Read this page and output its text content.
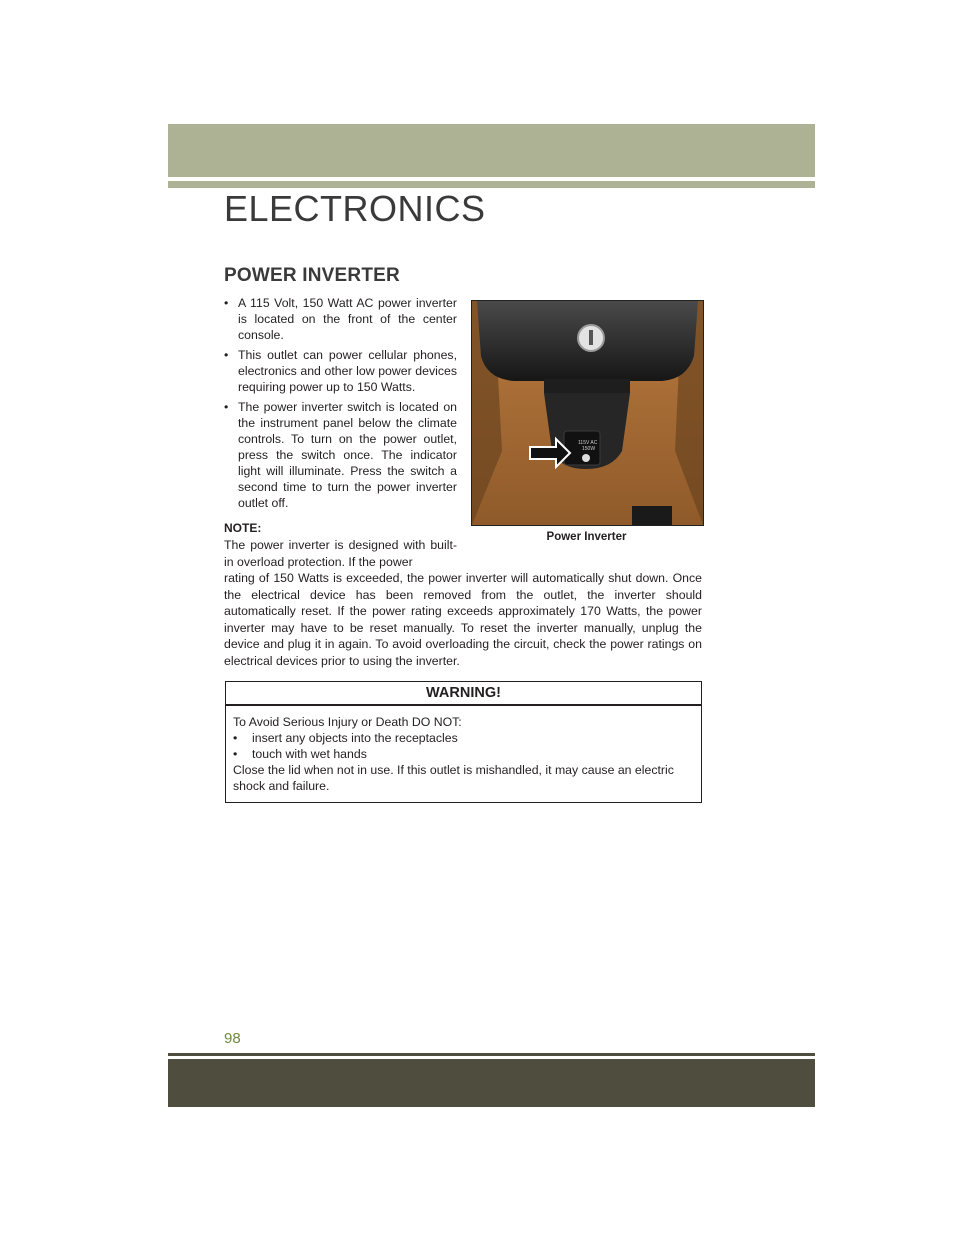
ELECTRONICS
POWER INVERTER
• A 115 Volt, 150 Watt AC power inverter is located on the front of the center console.
• This outlet can power cellular phones, electronics and other low power devices requiring power up to 150 Watts.
• The power inverter switch is located on the instrument panel below the climate controls. To turn on the power outlet, press the switch once. The indicator light will illuminate. Press the switch a second time to turn the power inverter outlet off.
NOTE:
The power inverter is designed with built-in overload protection. If the power
rating of 150 Watts is exceeded, the power inverter will automatically shut down. Once the electrical device has been removed from the outlet, the inverter should automatically reset. If the power rating exceeds approximately 170 Watts, the power inverter may have to be reset manually. To reset the inverter manually, unplug the device and plug it in again. To avoid overloading the circuit, check the power ratings on electrical devices prior to using the inverter.
115V AC
150W
Power Inverter
WARNING!
To Avoid Serious Injury or Death DO NOT:
• insert any objects into the receptacles
• touch with wet hands
Close the lid when not in use. If this outlet is mishandled, it may cause an electric shock and failure.
98
